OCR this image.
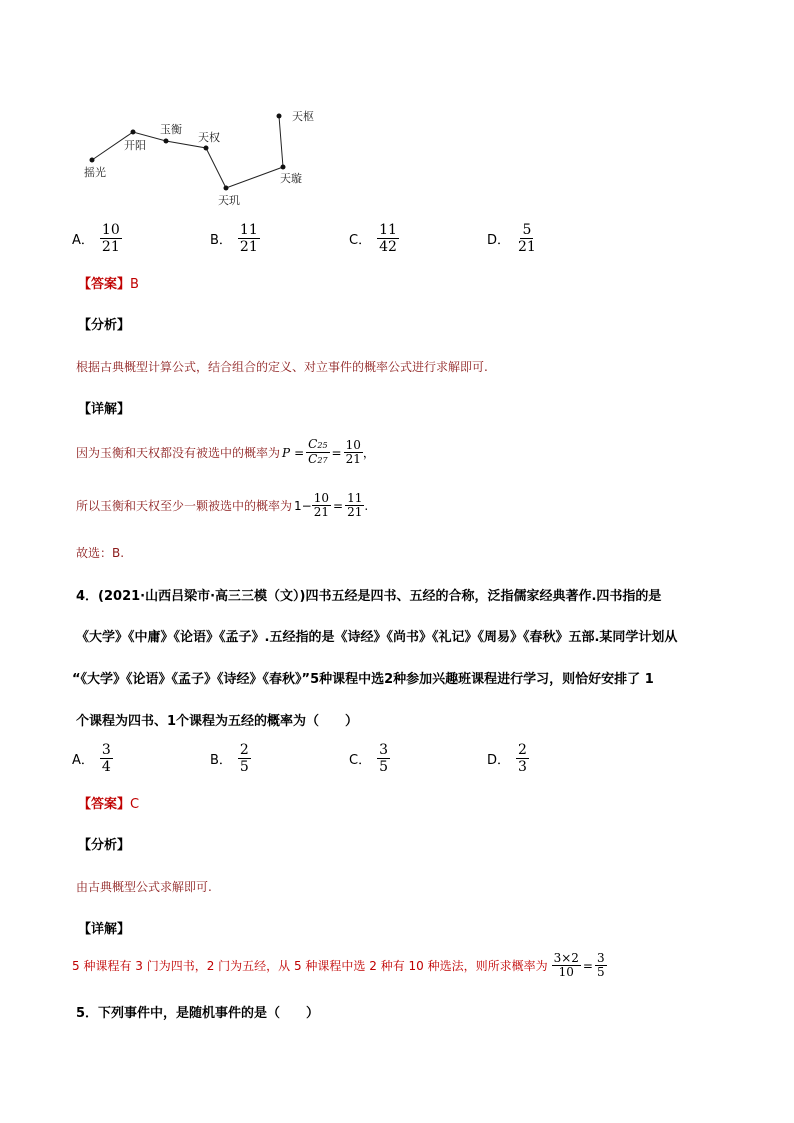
摇光
开阳
玉衡
天权
天玑
天璇
天枢
A． $\frac{10}{21}$	B． $\frac{11}{21}$	C． $\frac{11}{42}$	D． $\frac{5}{21}$
【答案】B
【分析】
根据古典概型计算公式，结合组合的定义、对立事件的概率公式进行求解即可.
【详解】
因为玉衡和天权都没有被选中的概率为 $P = \frac{C25}{C27} = \frac{10}{21}$ ，
所以玉衡和天权至少一颗被选中的概率为 $1- \frac{10}{21} = \frac{11}{21}$ .
故选：B.
4．(2021·山西吕梁市·高三三模（文）)四书五经是四书、五经的合称，泛指儒家经典著作.四书指的是
《大学》《中庸》《论语》《孟子》.五经指的是《诗经》《尚书》《礼记》《周易》《春秋》五部.某同学计划从
“《大学》《论语》《孟子》《诗经》《春秋》”5种课程中选2种参加兴趣班课程进行学习，则恰好安排了 1
个课程为四书、1个课程为五经的概率为（　　）
A． $\frac{3}{4}$	B． $\frac{2}{5}$	C． $\frac{3}{5}$	D． $\frac{2}{3}$
【答案】C
【分析】
由古典概型公式求解即可.
【详解】
5 种课程有 3 门为四书，2 门为五经，从 5 种课程中选 2 种有 10 种选法，则所求概率为 $\frac{3\times 2}{10} = \frac{3}{5}$
5．下列事件中，是随机事件的是（　　）
